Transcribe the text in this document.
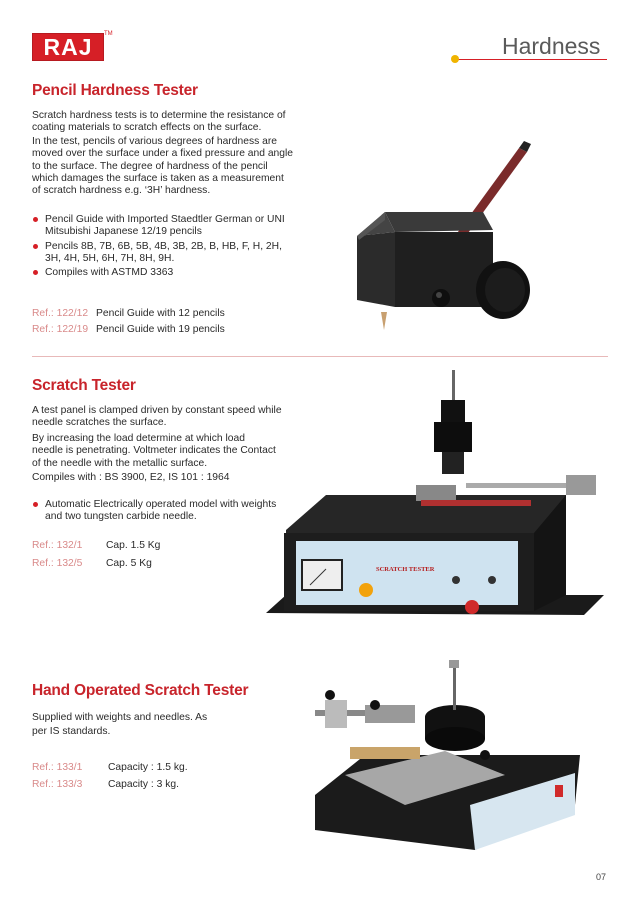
RAJ	TM	Hardness
Pencil Hardness Tester

Scratch hardness tests is to determine the resistance of coating materials to scratch effects on the surface.

In the test, pencils of various degrees of hardness are moved over the surface under a fixed pressure and angle to the surface. The degree of hardness of the pencil which damages the surface is taken as a measurement of scratch hardness e.g. ‘3H’ hardness.

Pencil Guide with Imported Staedtler German or UNI Mitsubishi Japanese 12/19 pencils
Pencils 8B, 7B, 6B, 5B, 4B, 3B, 2B, B, HB, F, H, 2H, 3H, 4H, 5H, 6H, 7H, 8H, 9H.
Compiles with ASTMD 3363
Ref.: 122/12 Pencil Guide with 12 pencils
Ref.: 122/19 Pencil Guide with 19 pencils
Scratch Tester

A test panel is clamped driven by constant speed while needle scratches the surface.

By increasing the load determine at which load needle is penetrating. Voltmeter indicates the Contact of the needle with the metallic surface.

Compiles with : BS 3900, E2, IS 101 : 1964

Automatic Electrically operated model with weights and two tungsten carbide needle.
Ref.: 132/1 Cap. 1.5 Kg
Ref.: 132/5 Cap. 5 Kg
SCRATCH TESTER
Hand Operated Scratch Tester

Supplied with weights and needles. As per IS standards.

Ref.: 133/1 Capacity : 1.5 kg.
Ref.: 133/3 Capacity : 3 kg.
07
